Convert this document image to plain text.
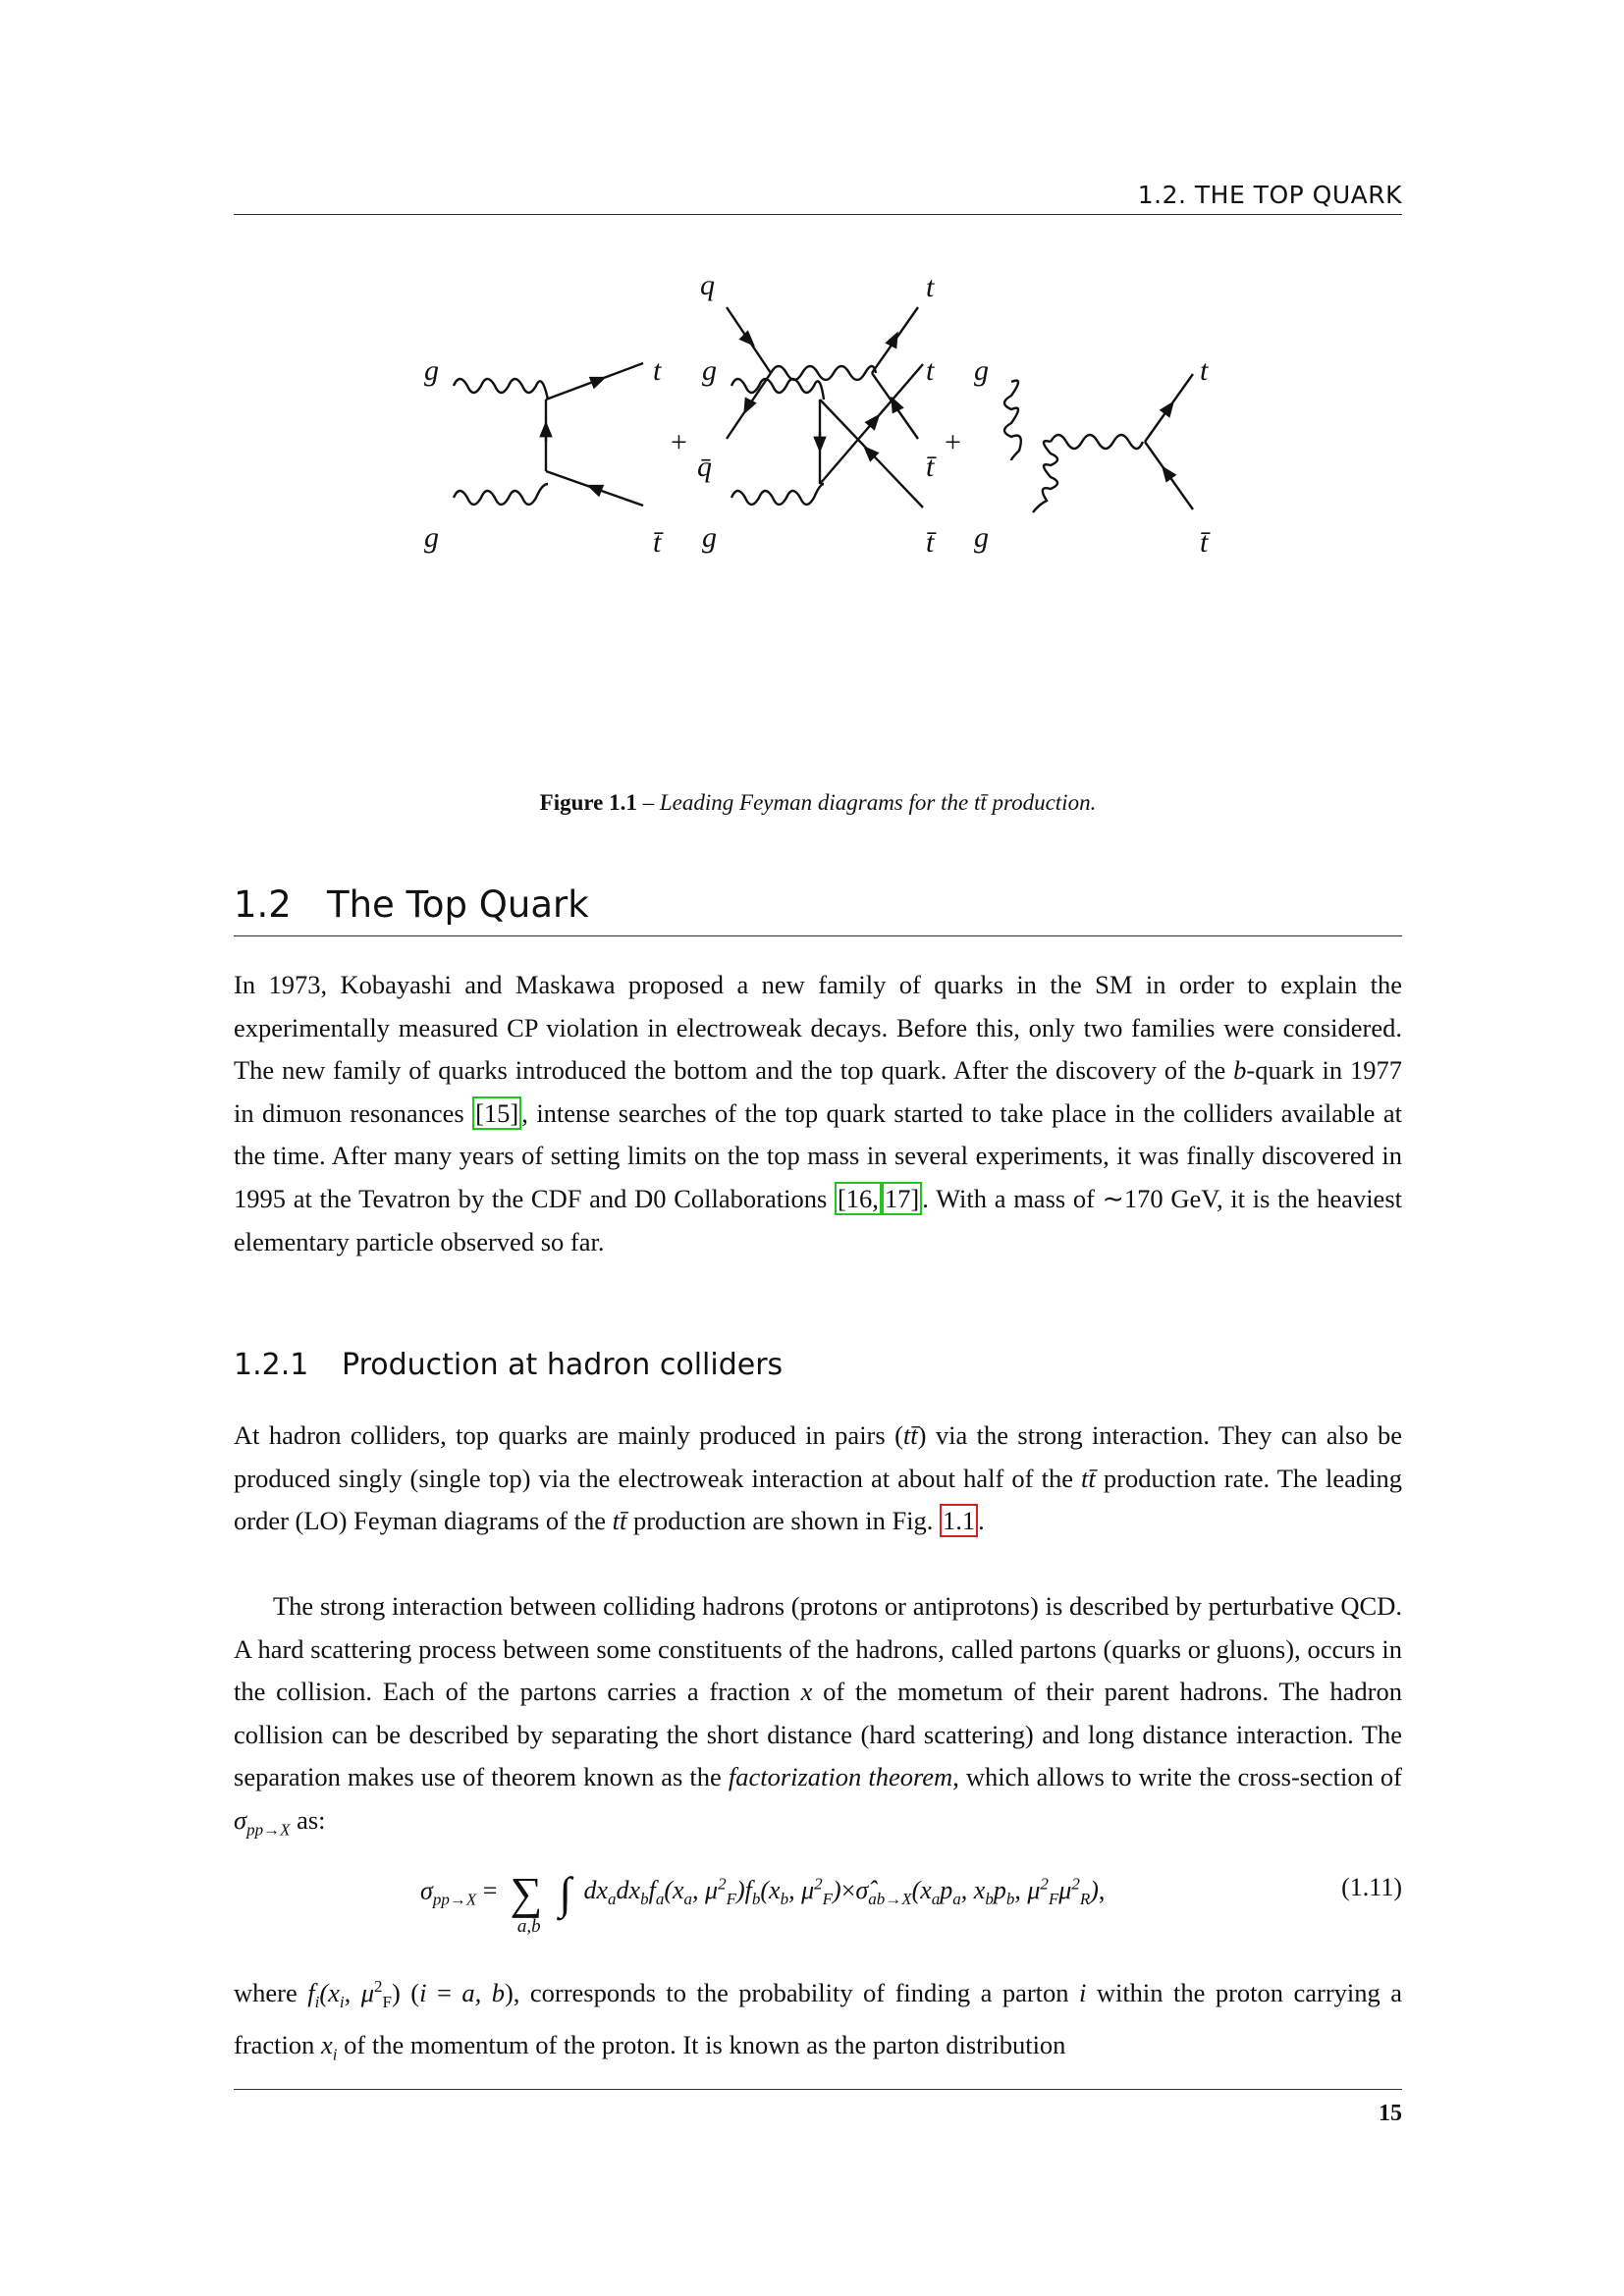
1.2. THE TOP QUARK
q	t
q̄	t̄
g
g
t
t̄
+
g
g
t
t̄
+
g
g
t
t̄
Figure 1.1 – Leading Feyman diagrams for the tt̄ production.
1.2 The Top Quark

In 1973, Kobayashi and Maskawa proposed a new family of quarks in the SM in order to explain the experimentally measured CP violation in electroweak decays. Before this, only two families were considered. The new family of quarks introduced the bottom and the top quark. After the discovery of the b-quark in 1977 in dimuon resonances [15] , intense searches of the top quark started to take place in the colliders available at the time. After many years of setting limits on the top mass in several experiments, it was finally discovered in 1995 at the Tevatron by the CDF and D0 Collaborations [16, 17] . With a mass of ∼170 GeV, it is the heaviest elementary particle observed so far.

1.2.1 Production at hadron colliders

At hadron colliders, top quarks are mainly produced in pairs (tt̄) via the strong interaction. They can also be produced singly (single top) via the electroweak interaction at about half of the tt̄ production rate. The leading order (LO) Feyman diagrams of the tt̄ production are shown in Fig. 1.1 .

The strong interaction between colliding hadrons (protons or antiprotons) is described by perturbative QCD. A hard scattering process between some constituents of the hadrons, called partons (quarks or gluons), occurs in the collision. Each of the partons carries a fraction x of the mometum of their parent hadrons. The hadron collision can be described by separating the short distance (hard scattering) and long distance interaction. The separation makes use of theorem known as the factorization theorem, which allows to write the cross-section of $\sigma_{pp\to X}$ as:

$\sigma_{pp\to X}$ = ∑
a,b
∫ $dx_adx_bf_a(x_a$, $\mu^2_F)f_b(x_b$, $\mu^2_F)\times\sigmâ_{ab\to X}(x_ap_a$, $x_bp_b$, $\mu^2_F\mu^2_R$),	(1.11)

where $f_i(x_i$, $\mu^2_F$) (i = a, b), corresponds to the probability of finding a parton i within the proton carrying a fraction $x_i$ of the momentum of the proton. It is known as the parton distribution

15
